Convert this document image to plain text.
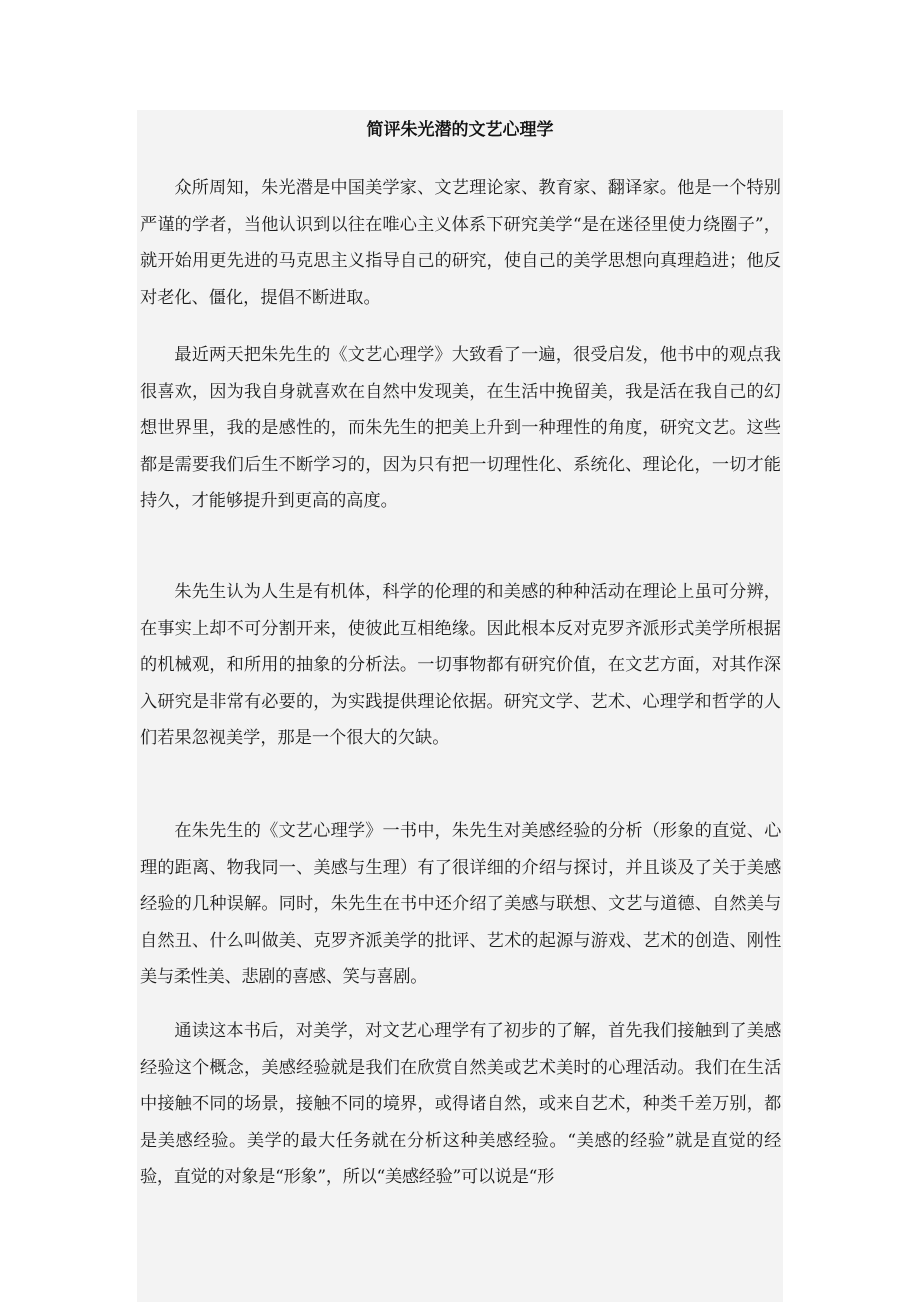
简评朱光潜的文艺心理学

众所周知，朱光潜是中国美学家、文艺理论家、教育家、翻译家。他是一个特别严谨的学者，当他认识到以往在唯心主义体系下研究美学“是在迷径里使力绕圈子”，就开始用更先进的马克思主义指导自己的研究，使自己的美学思想向真理趋进；他反对老化、僵化，提倡不断进取。

最近两天把朱先生的《文艺心理学》大致看了一遍，很受启发，他书中的观点我很喜欢，因为我自身就喜欢在自然中发现美，在生活中挽留美，我是活在我自己的幻想世界里，我的是感性的，而朱先生的把美上升到一种理性的角度，研究文艺。这些都是需要我们后生不断学习的，因为只有把一切理性化、系统化、理论化，一切才能持久，才能够提升到更高的高度。

朱先生认为人生是有机体，科学的伦理的和美感的种种活动在理论上虽可分辨，在事实上却不可分割开来，使彼此互相绝缘。因此根本反对克罗齐派形式美学所根据的机械观，和所用的抽象的分析法。一切事物都有研究价值，在文艺方面，对其作深入研究是非常有必要的，为实践提供理论依据。研究文学、艺术、心理学和哲学的人们若果忽视美学，那是一个很大的欠缺。

在朱先生的《文艺心理学》一书中，朱先生对美感经验的分析（形象的直觉、心理的距离、物我同一、美感与生理）有了很详细的介绍与探讨，并且谈及了关于美感经验的几种误解。同时，朱先生在书中还介绍了美感与联想、文艺与道德、自然美与自然丑、什么叫做美、克罗齐派美学的批评、艺术的起源与游戏、艺术的创造、刚性美与柔性美、悲剧的喜感、笑与喜剧。

通读这本书后，对美学，对文艺心理学有了初步的了解，首先我们接触到了美感经验这个概念，美感经验就是我们在欣赏自然美或艺术美时的心理活动。我们在生活中接触不同的场景，接触不同的境界，或得诸自然，或来自艺术，种类千差万别，都是美感经验。美学的最大任务就在分析这种美感经验。“美感的经验”就是直觉的经验，直觉的对象是“形象”，所以“美感经验”可以说是“形
